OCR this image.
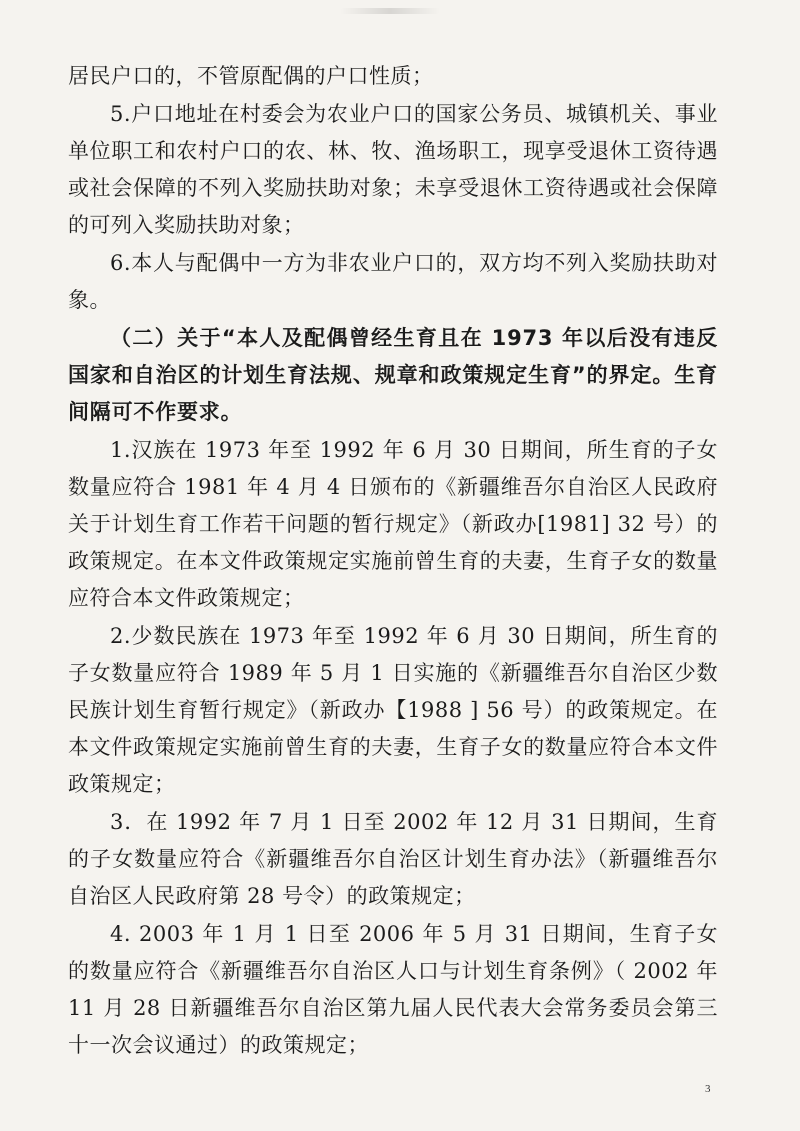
居民户口的，不管原配偶的户口性质；

5.户口地址在村委会为农业户口的国家公务员、城镇机关、事业单位职工和农村户口的农、林、牧、渔场职工，现享受退休工资待遇或社会保障的不列入奖励扶助对象；未享受退休工资待遇或社会保障的可列入奖励扶助对象；

6.本人与配偶中一方为非农业户口的，双方均不列入奖励扶助对象。

（二）关于“本人及配偶曾经生育且在 1973 年以后没有违反国家和自治区的计划生育法规、规章和政策规定生育”的界定。生育间隔可不作要求。

1.汉族在 1973 年至 1992 年 6 月 30 日期间，所生育的子女数量应符合 1981 年 4 月 4 日颁布的《新疆维吾尔自治区人民政府关于计划生育工作若干问题的暂行规定》（新政办[1981] 32 号）的政策规定。在本文件政策规定实施前曾生育的夫妻，生育子女的数量应符合本文件政策规定；

2.少数民族在 1973 年至 1992 年 6 月 30 日期间，所生育的子女数量应符合 1989 年 5 月 1 日实施的《新疆维吾尔自治区少数民族计划生育暂行规定》（新政办【1988 ] 56 号）的政策规定。在本文件政策规定实施前曾生育的夫妻，生育子女的数量应符合本文件政策规定；

3．在 1992 年 7 月 1 日至 2002 年 12 月 31 日期间，生育的子女数量应符合《新疆维吾尔自治区计划生育办法》（新疆维吾尔自治区人民政府第 28 号令）的政策规定；

4. 2003 年 1 月 1 日至 2006 年 5 月 31 日期间，生育子女的数量应符合《新疆维吾尔自治区人口与计划生育条例》（ 2002 年 11 月 28 日新疆维吾尔自治区第九届人民代表大会常务委员会第三十一次会议通过）的政策规定；

3
